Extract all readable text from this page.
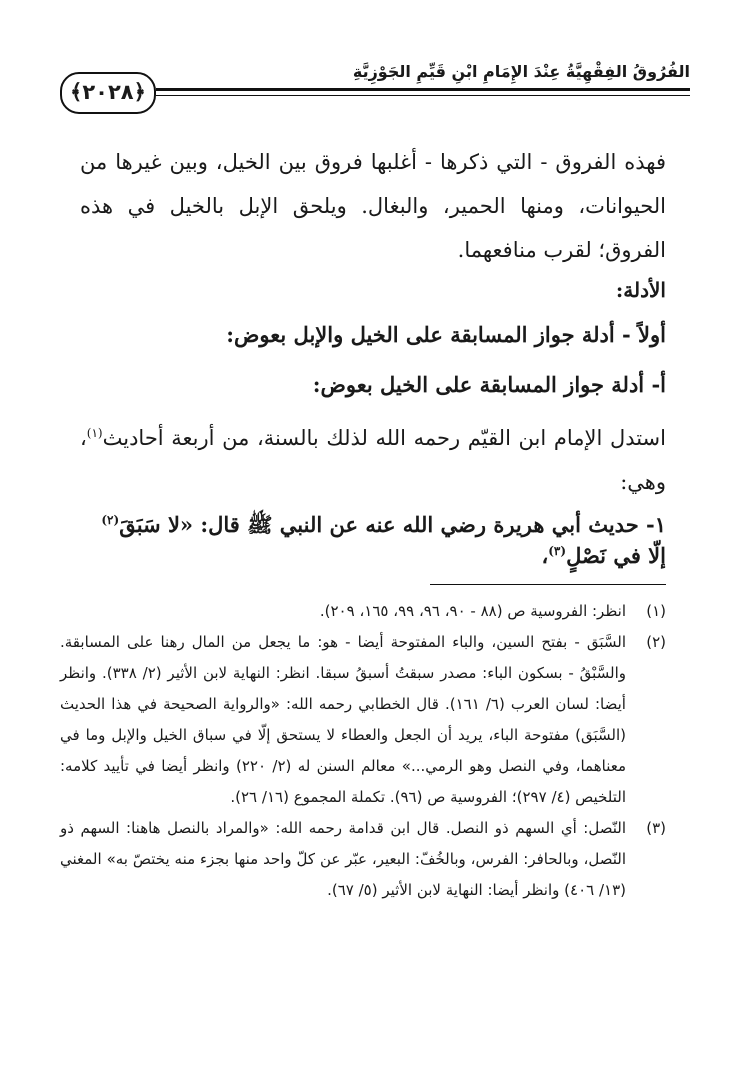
﴿٢٠٢٨﴾
الفُرُوقُ الفِقْهِيَّةُ عِنْدَ الإِمَامِ ابْنِ قَيِّمِ الجَوْزِيَّةِ

فهذه الفروق - التي ذكرها - أغلبها فروق بين الخيل، وبين غيرها من الحيوانات، ومنها الحمير، والبغال. ويلحق الإبل بالخيل في هذه الفروق؛ لقرب منافعهما.

الأدلة:
أولاً - أدلة جواز المسابقة على الخيل والإبل بعوض:
أ- أدلة جواز المسابقة على الخيل بعوض:

استدل الإمام ابن القيّم رحمه الله لذلك بالسنة، من أربعة أحاديث$^{(١)}$، وهي:

١- حديث أبي هريرة رضي الله عنه عن النبي ﷺ قال: «لا سَبَقَ$^{(٢)}$ إلّا في نَصْلٍ$^{(٣)}$،
(١)
انظر: الفروسية ص (٨٨ - ٩٠، ٩٦، ٩٩، ١٦٥، ٢٠٩).
(٢)
السَّبَق - بفتح السين، والباء المفتوحة أيضا - هو: ما يجعل من المال رهنا على المسابقة. والسَّبْقُ - بسكون الباء: مصدر سبقتُ أسبقُ سبقا. انظر: النهاية لابن الأثير (٢/ ٣٣٨). وانظر أيضا: لسان العرب (٦/ ١٦١). قال الخطابي رحمه الله: «والرواية الصحيحة في هذا الحديث (السَّبَق) مفتوحة الباء، يريد أن الجعل والعطاء لا يستحق إلّا في سباق الخيل والإبل وما في معناهما، وفي النصل وهو الرمي...» معالم السنن له (٢/ ٢٢٠) وانظر أيضا في تأييد كلامه: التلخيص (٤/ ٢٩٧)؛ الفروسية ص (٩٦). تكملة المجموع (١٦/ ٢٦).
(٣)
النّصل: أي السهم ذو النصل. قال ابن قدامة رحمه الله: «والمراد بالنصل هاهنا: السهم ذو النّصل، وبالحافر: الفرس، وبالخُفّ: البعير، عبّر عن كلّ واحد منها بجزء منه يختصّ به» المغني (١٣/ ٤٠٦) وانظر أيضا: النهاية لابن الأثير (٥/ ٦٧).
